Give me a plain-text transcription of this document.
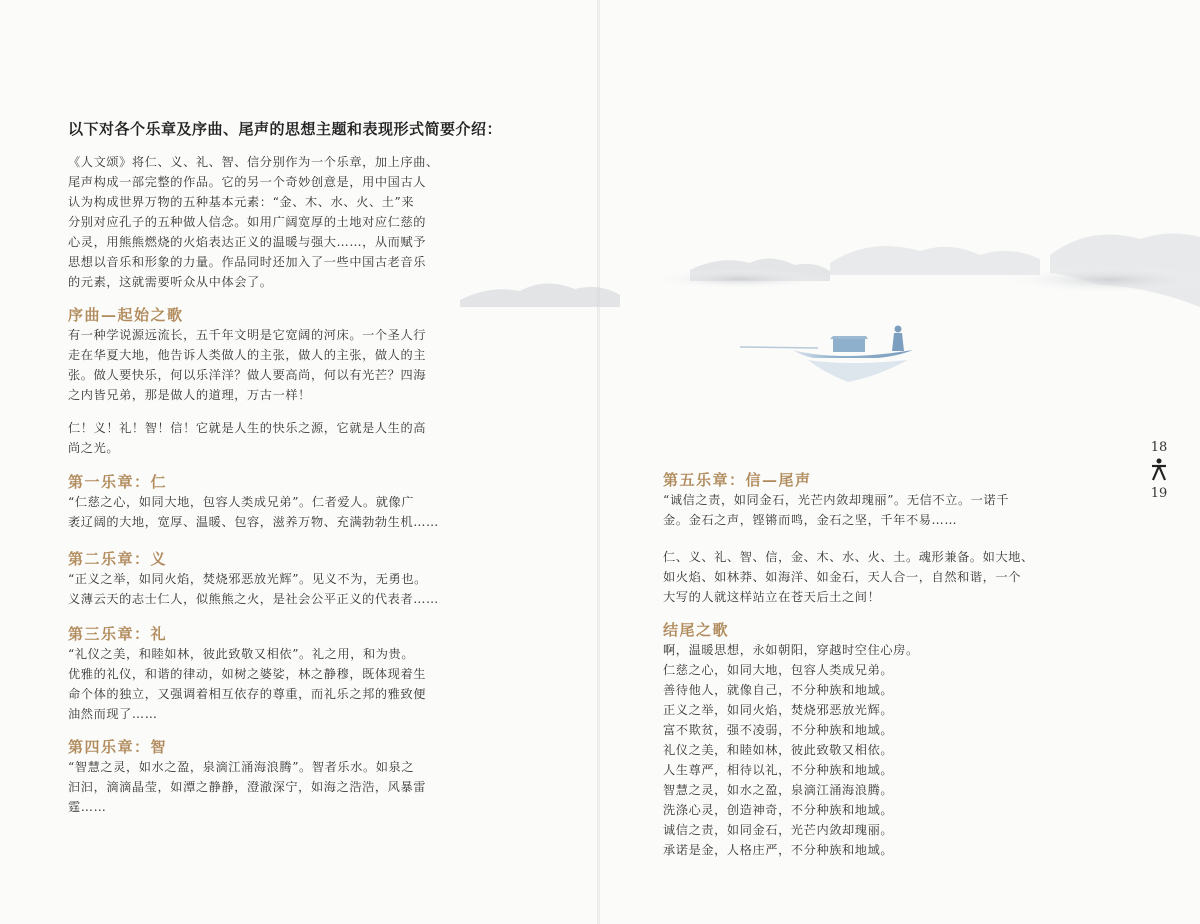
以下对各个乐章及序曲、尾声的思想主题和表现形式简要介绍：
《人文颂》将仁、义、礼、智、信分别作为一个乐章，加上序曲、
尾声构成一部完整的作品。它的另一个奇妙创意是，用中国古人
认为构成世界万物的五种基本元素：“金、木、水、火、土”来
分别对应孔子的五种做人信念。如用广阔宽厚的土地对应仁慈的
心灵，用熊熊燃烧的火焰表达正义的温暖与强大……，从而赋予
思想以音乐和形象的力量。作品同时还加入了一些中国古老音乐
的元素，这就需要听众从中体会了。
序曲—起始之歌
有一种学说源远流长，五千年文明是它宽阔的河床。一个圣人行
走在华夏大地，他告诉人类做人的主张，做人的主张，做人的主
张。做人要快乐，何以乐洋洋？做人要高尚，何以有光芒？四海
之内皆兄弟，那是做人的道理，万古一样！
仁！义！礼！智！信！它就是人生的快乐之源，它就是人生的高
尚之光。
第一乐章：仁
“仁慈之心，如同大地，包容人类成兄弟”。仁者爱人。就像广
袤辽阔的大地，宽厚、温暖、包容，滋养万物、充满勃勃生机……
第二乐章：义
“正义之举，如同火焰，焚烧邪恶放光辉”。见义不为，无勇也。
义薄云天的志士仁人，似熊熊之火，是社会公平正义的代表者……
第三乐章：礼
“礼仪之美，和睦如林，彼此致敬又相依”。礼之用，和为贵。
优雅的礼仪，和谐的律动，如树之婆娑，林之静穆，既体现着生
命个体的独立，又强调着相互依存的尊重，而礼乐之邦的雅致便
油然而现了……
第四乐章：智
“智慧之灵，如水之盈，泉滴江涌海浪腾”。智者乐水。如泉之
汩汩，滴滴晶莹，如潭之静静，澄澈深宁，如海之浩浩，风暴雷
霆……
第五乐章：信—尾声
“诚信之责，如同金石，光芒内敛却瑰丽”。无信不立。一诺千
金。金石之声，铿锵而鸣，金石之坚，千年不易……
仁、义、礼、智、信，金、木、水、火、土。魂形兼备。如大地、
如火焰、如林莽、如海洋、如金石，天人合一，自然和谐，一个
大写的人就这样站立在苍天后土之间！
结尾之歌
啊，温暖思想，永如朝阳，穿越时空住心房。
仁慈之心，如同大地，包容人类成兄弟。
善待他人，就像自己，不分种族和地域。
正义之举，如同火焰，焚烧邪恶放光辉。
富不欺贫，强不凌弱，不分种族和地域。
礼仪之美，和睦如林，彼此致敬又相依。
人生尊严，相待以礼，不分种族和地域。
智慧之灵，如水之盈，泉滴江涌海浪腾。
洗涤心灵，创造神奇，不分种族和地域。
诚信之责，如同金石，光芒内敛却瑰丽。
承诺是金，人格庄严，不分种族和地域。
18
19
